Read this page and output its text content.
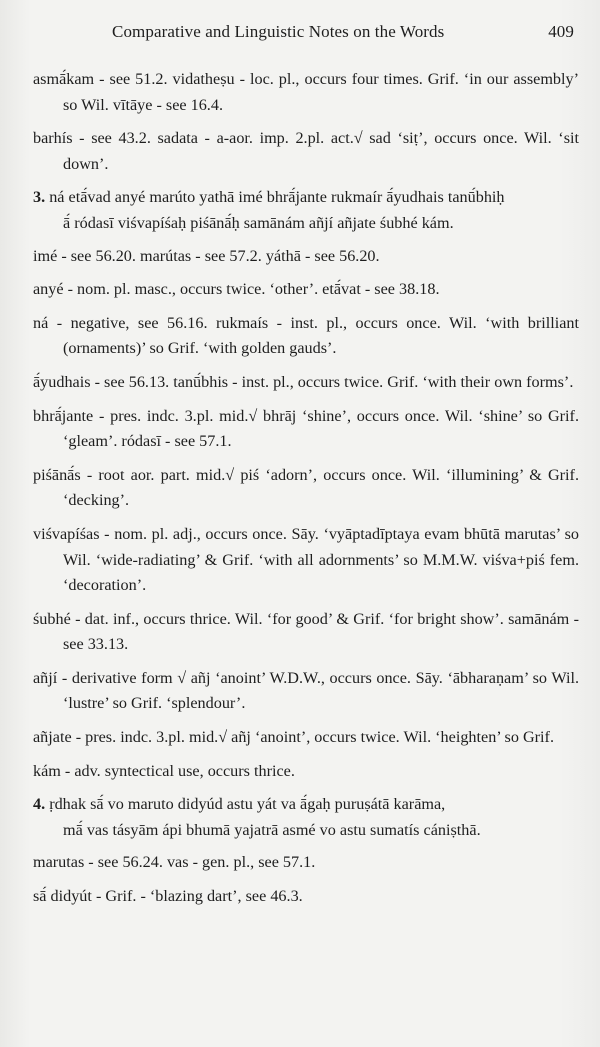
Comparative and Linguistic Notes on the Words	409

asmā́kam - see 51.2. vidatheṣu - loc. pl., occurs four times. Grif. ‘in our assembly’ so Wil. vītāye - see 16.4.

barhís - see 43.2. sadata - a-aor. imp. 2.pl. act.√ sad ‘siṭ’, occurs once. Wil. ‘sit down’.

3. ná etā́vad anyé marúto yathā imé bhrā́jante rukmaír ā́yudhais tanū́bhiḥ
ā́ ródasī viśvapíśaḥ piśānā́ḥ samānám añjí añjate śubhé kám.

imé - see 56.20. marútas - see 57.2. yáthā - see 56.20.

anyé - nom. pl. masc., occurs twice. ‘other’. etā́vat - see 38.18.

ná - negative, see 56.16. rukmaís - inst. pl., occurs once. Wil. ‘with brilliant (ornaments)’ so Grif. ‘with golden gauds’.

ā́yudhais - see 56.13. tanū́bhis - inst. pl., occurs twice. Grif. ‘with their own forms’.

bhrā́jante - pres. indc. 3.pl. mid.√ bhrāj ‘shine’, occurs once. Wil. ‘shine’ so Grif. ‘gleam’. ródasī - see 57.1.

piśānā́s - root aor. part. mid.√ piś ‘adorn’, occurs once. Wil. ‘illumining’ & Grif. ‘decking’.

viśvapíśas - nom. pl. adj., occurs once. Sāy. ‘vyāptadīptaya evam bhūtā marutas’ so Wil. ‘wide-radiating’ & Grif. ‘with all adornments’ so M.M.W. viśva+piś fem. ‘decoration’.

śubhé - dat. inf., occurs thrice. Wil. ‘for good’ & Grif. ‘for bright show’. samānám - see 33.13.

añjí - derivative form √ añj ‘anoint’ W.D.W., occurs once. Sāy. ‘ābharaṇam’ so Wil. ‘lustre’ so Grif. ‘splendour’.

añjate - pres. indc. 3.pl. mid.√ añj ‘anoint’, occurs twice. Wil. ‘heighten’ so Grif.

kám - adv. syntectical use, occurs thrice.

4. ṛdhak sā́ vo maruto didyúd astu yát va ā́gaḥ puruṣátā karāma,
mā́ vas tásyām ápi bhumā yajatrā asmé vo astu sumatís cániṣthā.

marutas - see 56.24. vas - gen. pl., see 57.1.

sā́ didyút - Grif. - ‘blazing dart’, see 46.3.
